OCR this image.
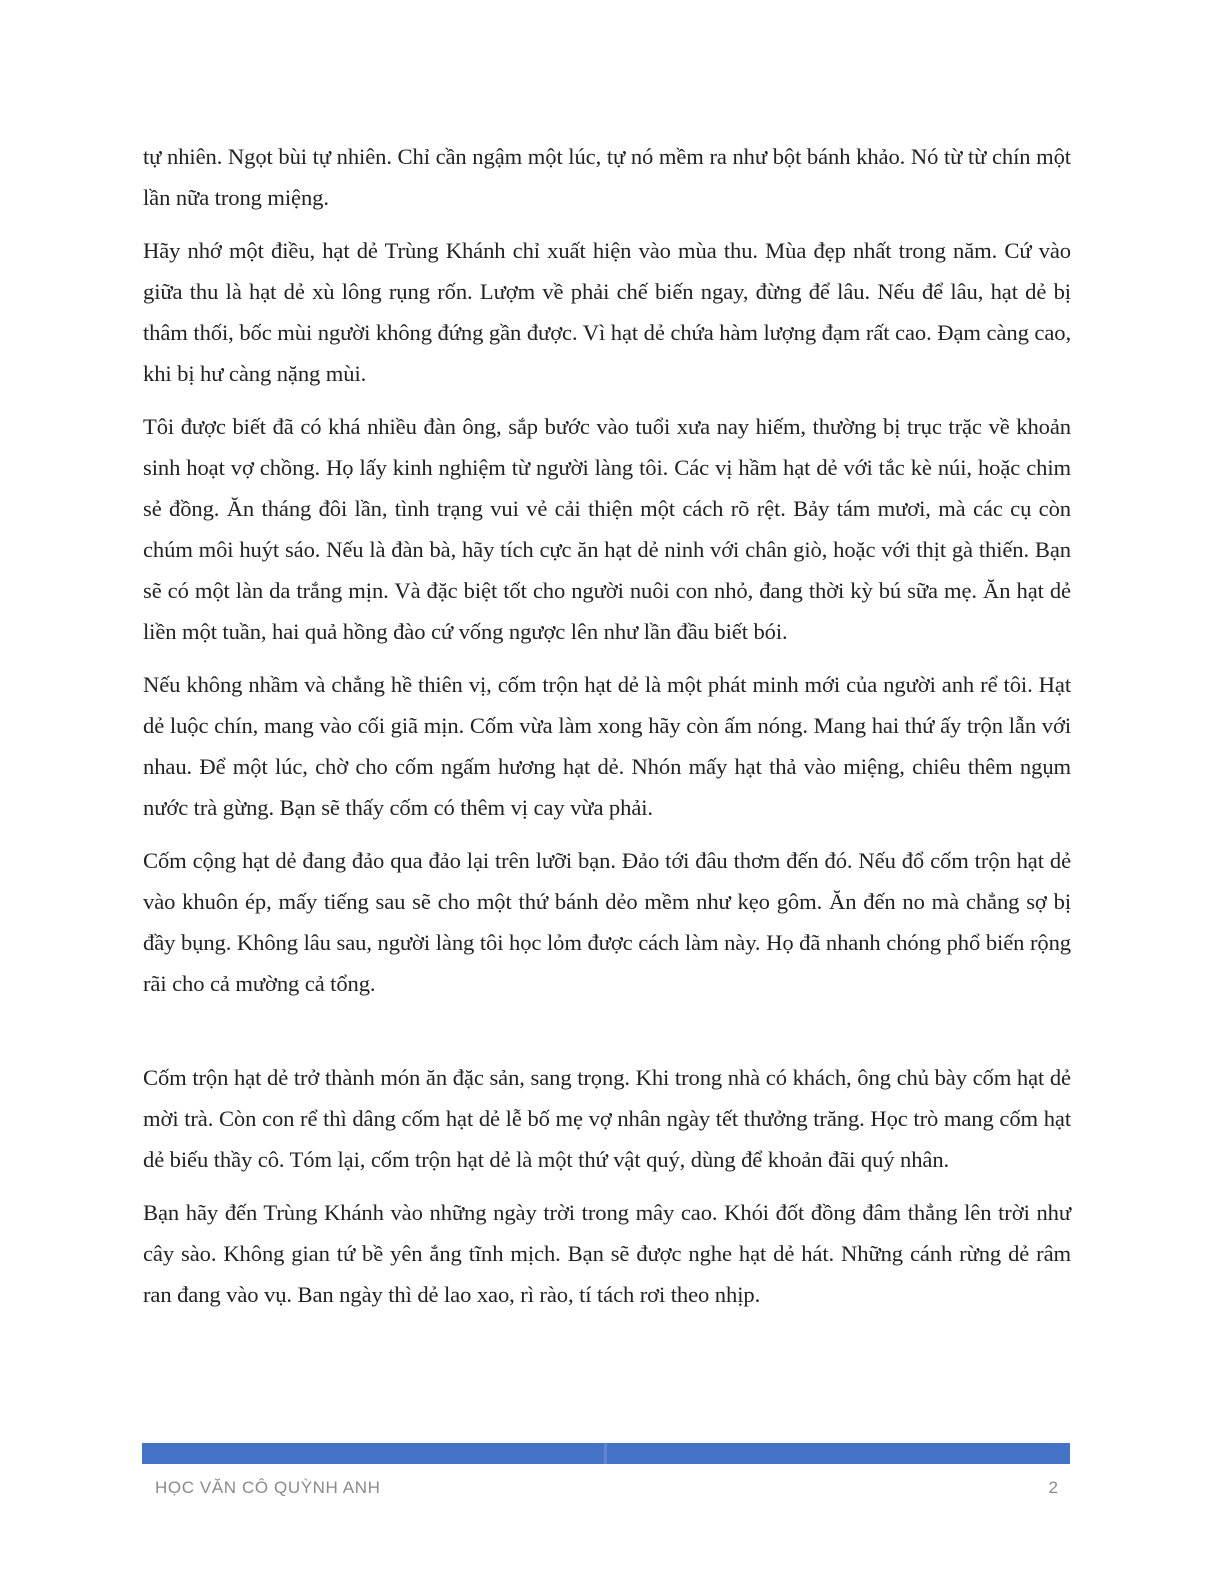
tự nhiên. Ngọt bùi tự nhiên. Chỉ cần ngậm một lúc, tự nó mềm ra như bột bánh khảo. Nó từ từ chín một lần nữa trong miệng.

Hãy nhớ một điều, hạt dẻ Trùng Khánh chỉ xuất hiện vào mùa thu. Mùa đẹp nhất trong năm. Cứ vào giữa thu là hạt dẻ xù lông rụng rốn. Lượm về phải chế biến ngay, đừng để lâu. Nếu để lâu, hạt dẻ bị thâm thối, bốc mùi người không đứng gần được. Vì hạt dẻ chứa hàm lượng đạm rất cao. Đạm càng cao, khi bị hư càng nặng mùi.

Tôi được biết đã có khá nhiều đàn ông, sắp bước vào tuổi xưa nay hiếm, thường bị trục trặc về khoản sinh hoạt vợ chồng. Họ lấy kinh nghiệm từ người làng tôi. Các vị hầm hạt dẻ với tắc kè núi, hoặc chim sẻ đồng. Ăn tháng đôi lần, tình trạng vui vẻ cải thiện một cách rõ rệt. Bảy tám mươi, mà các cụ còn chúm môi huýt sáo. Nếu là đàn bà, hãy tích cực ăn hạt dẻ ninh với chân giò, hoặc với thịt gà thiến. Bạn sẽ có một làn da trắng mịn. Và đặc biệt tốt cho người nuôi con nhỏ, đang thời kỳ bú sữa mẹ. Ăn hạt dẻ liền một tuần, hai quả hồng đào cứ vống ngược lên như lần đầu biết bói.

Nếu không nhầm và chẳng hề thiên vị, cốm trộn hạt dẻ là một phát minh mới của người anh rể tôi. Hạt dẻ luộc chín, mang vào cối giã mịn. Cốm vừa làm xong hãy còn ấm nóng. Mang hai thứ ấy trộn lẫn với nhau. Để một lúc, chờ cho cốm ngấm hương hạt dẻ. Nhón mấy hạt thả vào miệng, chiêu thêm ngụm nước trà gừng. Bạn sẽ thấy cốm có thêm vị cay vừa phải.

Cốm cộng hạt dẻ đang đảo qua đảo lại trên lưỡi bạn. Đảo tới đâu thơm đến đó. Nếu đổ cốm trộn hạt dẻ vào khuôn ép, mấy tiếng sau sẽ cho một thứ bánh dẻo mềm như kẹo gôm. Ăn đến no mà chẳng sợ bị đầy bụng. Không lâu sau, người làng tôi học lỏm được cách làm này. Họ đã nhanh chóng phổ biến rộng rãi cho cả mường cả tổng.

Cốm trộn hạt dẻ trở thành món ăn đặc sản, sang trọng. Khi trong nhà có khách, ông chủ bày cốm hạt dẻ mời trà. Còn con rể thì dâng cốm hạt dẻ lễ bố mẹ vợ nhân ngày tết thưởng trăng. Học trò mang cốm hạt dẻ biếu thầy cô. Tóm lại, cốm trộn hạt dẻ là một thứ vật quý, dùng để khoản đãi quý nhân.

Bạn hãy đến Trùng Khánh vào những ngày trời trong mây cao. Khói đốt đồng đâm thẳng lên trời như cây sào. Không gian tứ bề yên ắng tĩnh mịch. Bạn sẽ được nghe hạt dẻ hát. Những cánh rừng dẻ râm ran đang vào vụ. Ban ngày thì dẻ lao xao, rì rào, tí tách rơi theo nhịp.

HỌC VĂN CÔ QUỲNH ANH	2
